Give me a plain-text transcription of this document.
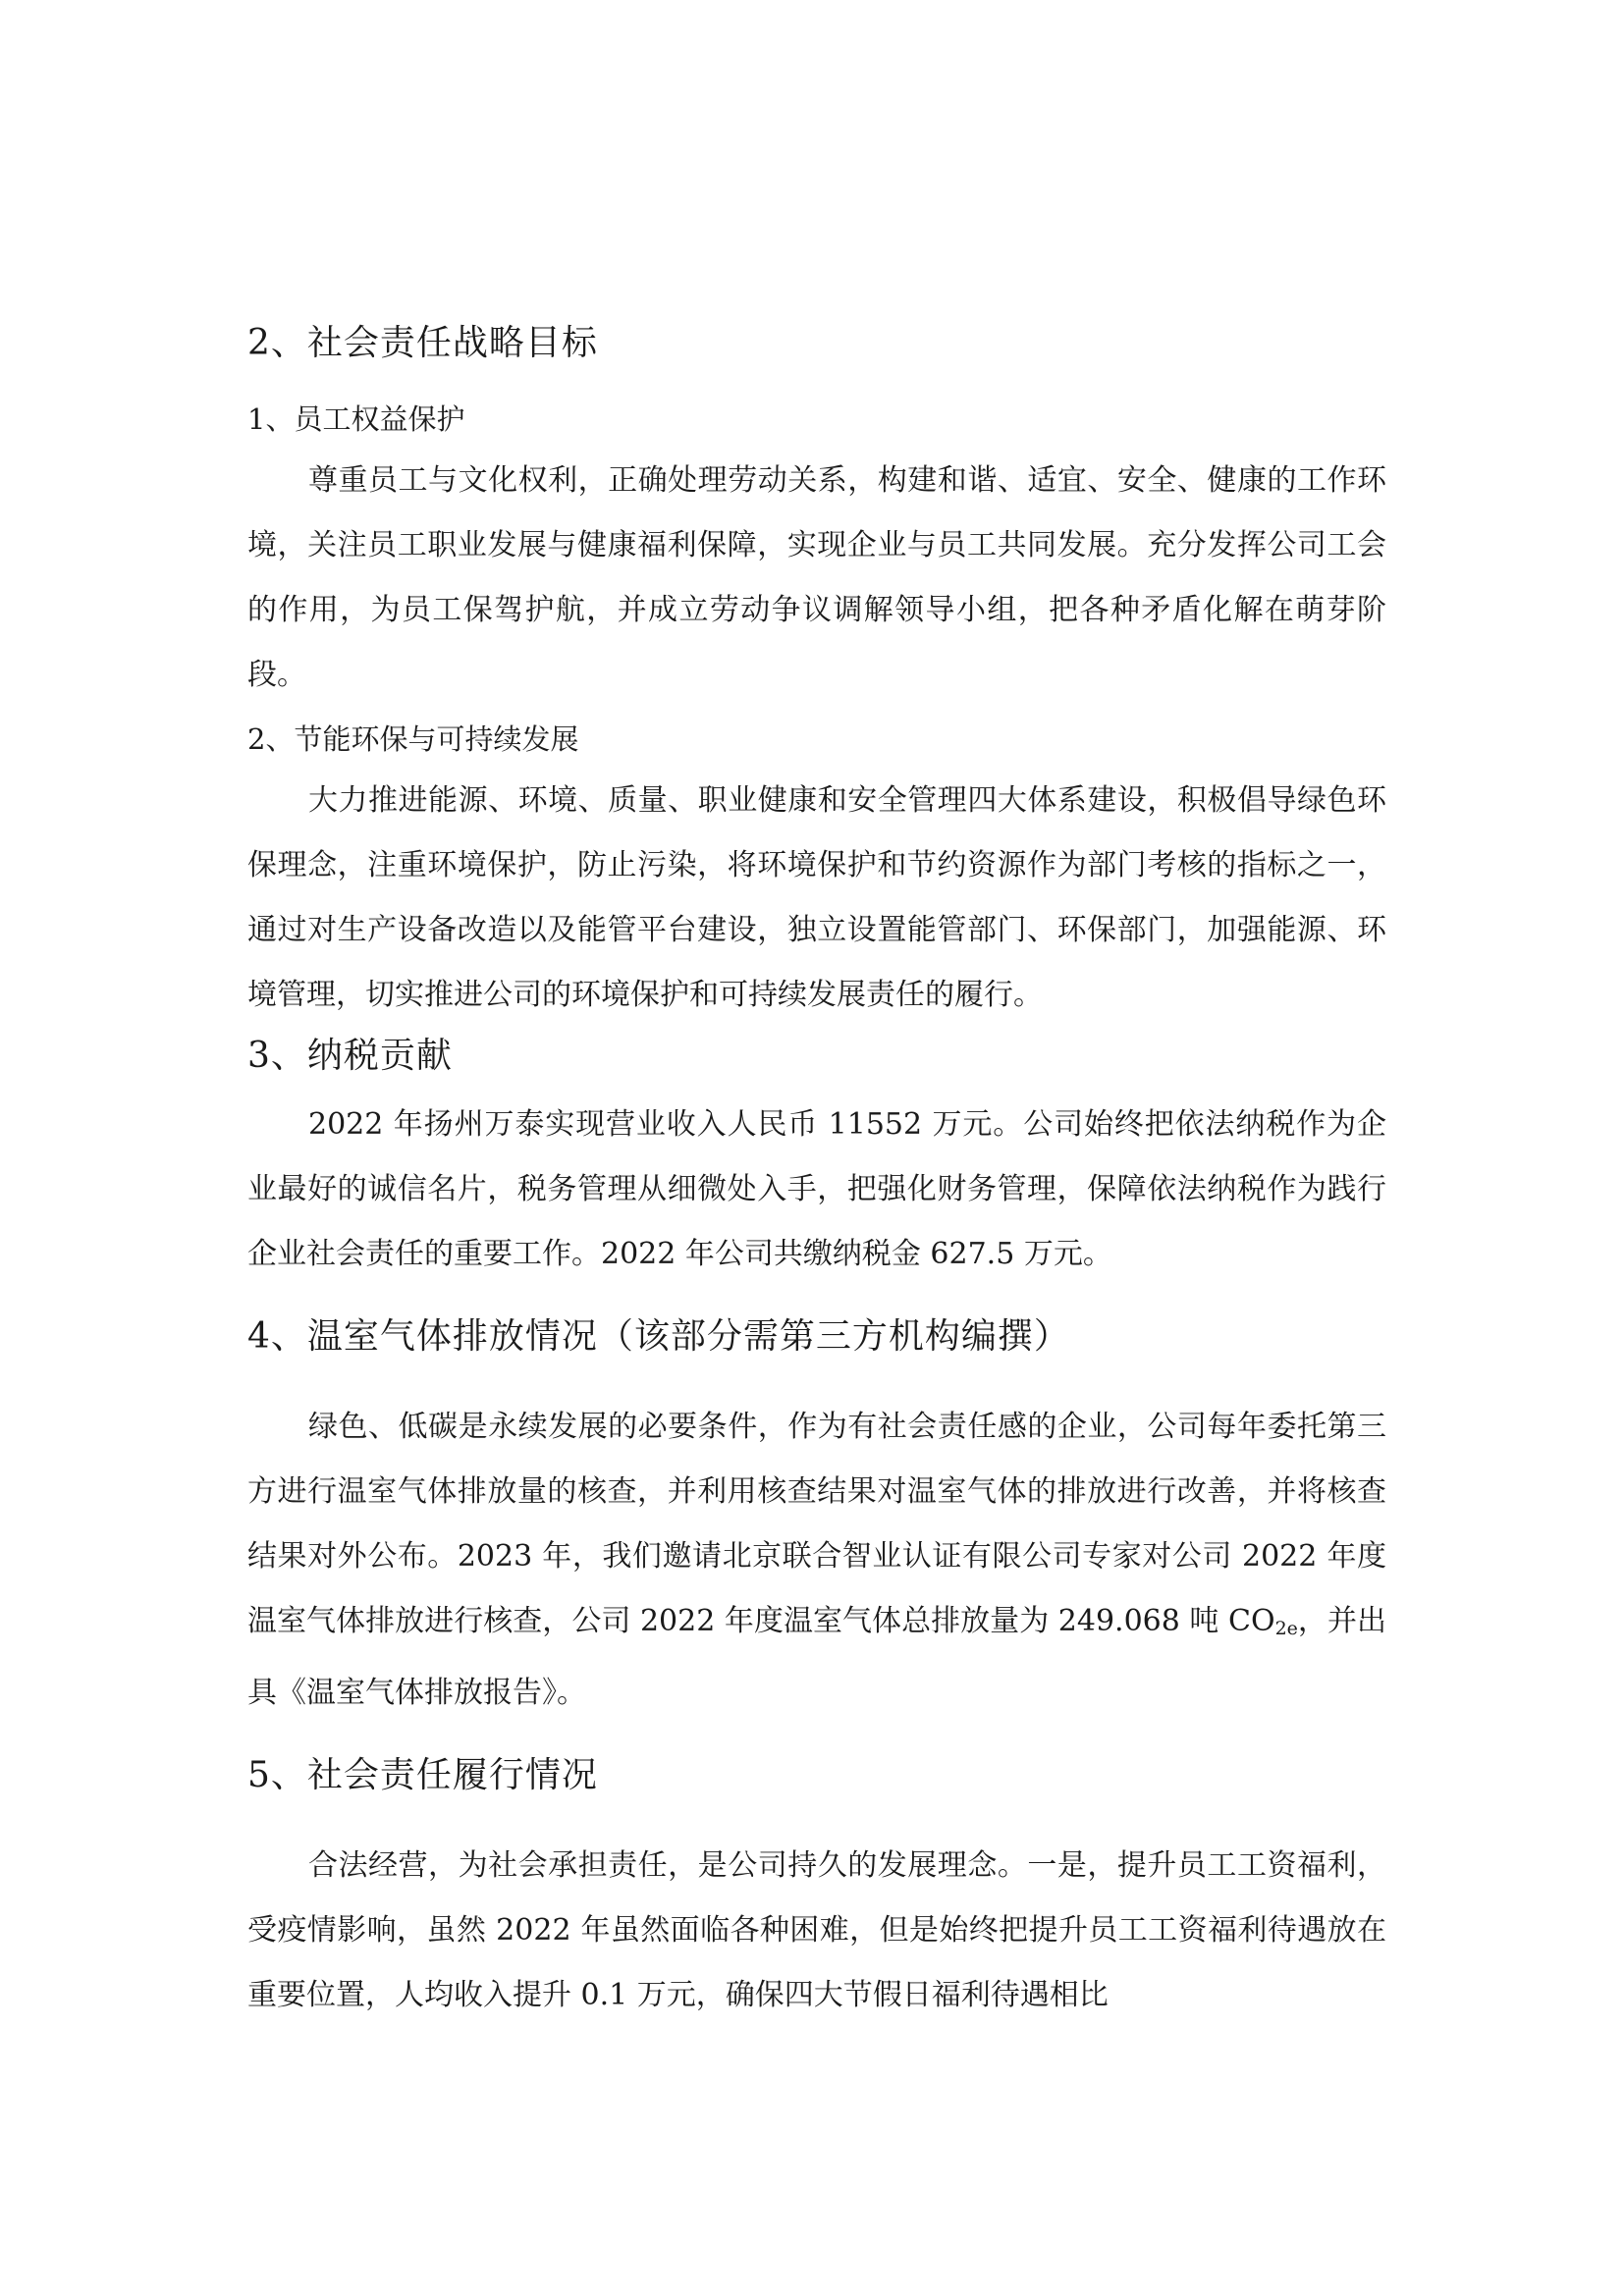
2、社会责任战略目标
1、员工权益保护

尊重员工与文化权利，正确处理劳动关系，构建和谐、适宜、安全、健康的工作环境，关注员工职业发展与健康福利保障，实现企业与员工共同发展。充分发挥公司工会的作用，为员工保驾护航，并成立劳动争议调解领导小组，把各种矛盾化解在萌芽阶段。

2、节能环保与可持续发展

大力推进能源、环境、质量、职业健康和安全管理四大体系建设，积极倡导绿色环保理念，注重环境保护，防止污染，将环境保护和节约资源作为部门考核的指标之一，通过对生产设备改造以及能管平台建设，独立设置能管部门、环保部门，加强能源、环境管理，切实推进公司的环境保护和可持续发展责任的履行。

3、纳税贡献

2022 年扬州万泰实现营业收入人民币 11552 万元。公司始终把依法纳税作为企业最好的诚信名片，税务管理从细微处入手，把强化财务管理，保障依法纳税作为践行企业社会责任的重要工作。2022 年公司共缴纳税金 627.5 万元。

4、温室气体排放情况（该部分需第三方机构编撰）

绿色、低碳是永续发展的必要条件，作为有社会责任感的企业，公司每年委托第三方进行温室气体排放量的核查，并利用核查结果对温室气体的排放进行改善，并将核查结果对外公布。2023 年，我们邀请北京联合智业认证有限公司专家对公司 2022 年度温室气体排放进行核查，公司 2022 年度温室气体总排放量为 249.068 吨 $CO_{2e}$，并出具《温室气体排放报告》。

5、社会责任履行情况

合法经营，为社会承担责任，是公司持久的发展理念。一是，提升员工工资福利，受疫情影响，虽然 2022 年虽然面临各种困难，但是始终把提升员工工资福利待遇放在重要位置，人均收入提升 0.1 万元，确保四大节假日福利待遇相比
